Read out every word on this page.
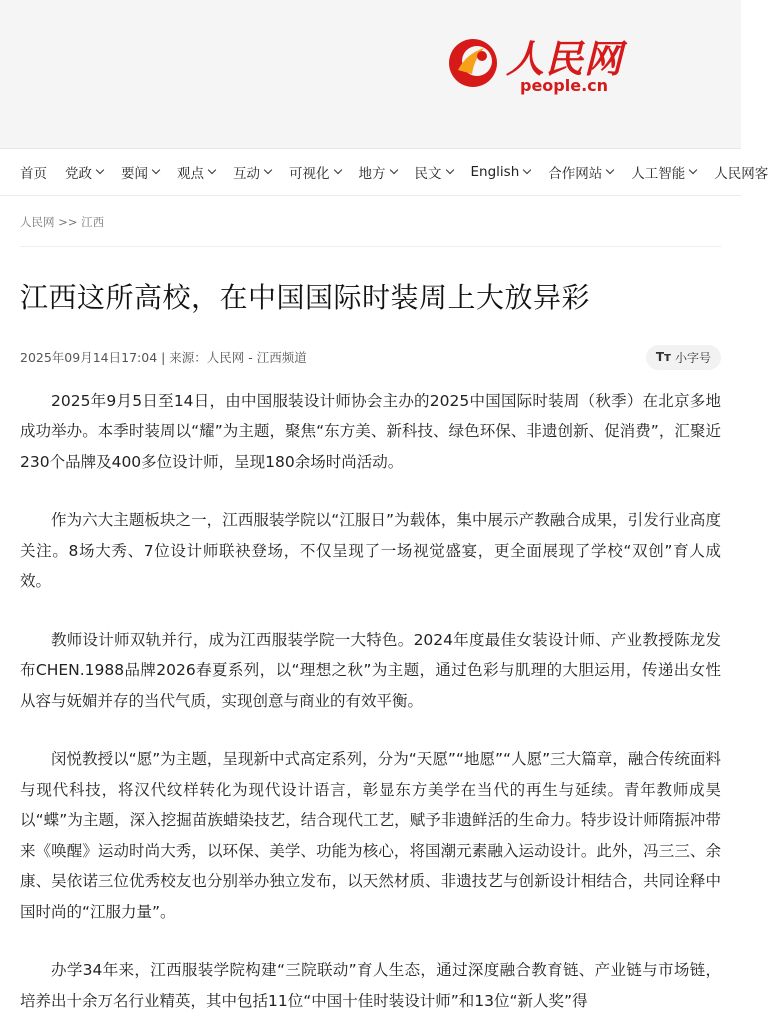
人民网
people.cn
首页 党政 要闻 观点 互动 可视化 地方 民文 English 合作网站 人工智能 人民网客
人民网 >> 江西
江西这所高校，在中国国际时装周上大放异彩
2025年09月14日17:04 | 来源：人民网 - 江西频道	Tт 小字号

2025年9月5日至14日，由中国服装设计师协会主办的2025中国国际时装周（秋季）在北京多地成功举办。本季时装周以“耀”为主题，聚焦“东方美、新科技、绿色环保、非遗创新、促消费”，汇聚近230个品牌及400多位设计师，呈现180余场时尚活动。

作为六大主题板块之一，江西服装学院以“江服日”为载体，集中展示产教融合成果，引发行业高度关注。8场大秀、7位设计师联袂登场，不仅呈现了一场视觉盛宴，更全面展现了学校“双创”育人成效。

教师设计师双轨并行，成为江西服装学院一大特色。2024年度最佳女装设计师、产业教授陈龙发布CHEN.1988品牌2026春夏系列，以“理想之秋”为主题，通过色彩与肌理的大胆运用，传递出女性从容与妩媚并存的当代气质，实现创意与商业的有效平衡。

闵悦教授以“愿”为主题，呈现新中式高定系列，分为“天愿”“地愿”“人愿”三大篇章，融合传统面料与现代科技，将汉代纹样转化为现代设计语言，彰显东方美学在当代的再生与延续。青年教师成昊以“蝶”为主题，深入挖掘苗族蜡染技艺，结合现代工艺，赋予非遗鲜活的生命力。特步设计师隋振冲带来《唤醒》运动时尚大秀，以环保、美学、功能为核心，将国潮元素融入运动设计。此外，冯三三、余康、吴依诺三位优秀校友也分别举办独立发布，以天然材质、非遗技艺与创新设计相结合，共同诠释中国时尚的“江服力量”。

办学34年来，江西服装学院构建“三院联动”育人生态，通过深度融合教育链、产业链与市场链，培养出十余万名行业精英，其中包括11位“中国十佳时装设计师”和13位“新人奖”得
